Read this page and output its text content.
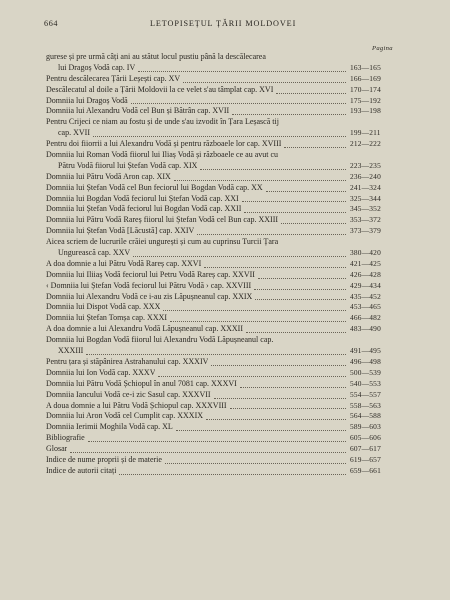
664	LETOPISEȚUL ȚĂRII MOLDOVEI
Pagina
gurese și pre urmă câți ani au stătut locul pustiu până la descălecarea
lui Dragoș Vodă cap. IV	163—165
Pentru descălecarea Țării Leșești cap. XV	166—169
Descălecatul al doile a Țării Moldovii la ce velet s'au tâmplat cap. XVI	170—174
Domniia lui Dragoș Vodă	175—192
Domniia lui Alexandru Vodă cel Bun și Bătrân cap. XVII	193—198
Pentru Crijeci ce niam au fostu și de unde s'au izvodit în Țara Leșască tij
cap. XVII	199—211
Pentru doi fiiorrii a lui Alexandru Vodă și pentru războaele lor cap. XVIII	212—222
Domniia lui Roman Vodă fiiorul lui Iliaș Vodă și războaele ce au avut cu
Pătru Vodă fiiorul lui Ștefan Vodă cap. XIX	223—235
Domniia lui Pătru Vodă Aron cap. XIX	236—240
Domniia lui Ștefan Vodă cel Bun feciorul lui Bogdan Vodă cap. XX	241—324
Domniia lui Bogdan Vodă feciorul lui Ștefan Vodă cap. XXI	325—344
Domniia lui Ștefan Vodă feciorul lui Bogdan Vodă cap. XXII	345—352
Domniia lui Pătru Vodă Rareș fiiorul lui Ștefan Vodă cel Bun cap. XXIII	353—372
Domniia lui Ștefan Vodă [Lăcustă] cap. XXIV	373—379
Aicea scriem de lucrurile crăiei ungurești și cum au cuprinsu Turcii Țara
Ungurească cap. XXV	380—420
A doa domnie a lui Pătru Vodă Rareș cap. XXVI	421—425
Domniia lui Iliiaș Vodă feciorul lui Petru Vodă Rareș cap. XXVII	426—428
‹ Domniia lui Ștefan Vodă feciorul lui Pătru Vodă › cap. XXVIII	429—434
Domniia lui Alexandru Vodă ce i-au zis Lăpușneanul cap. XXIX	435—452
Domniia lui Dispot Vodă cap. XXX	453—465
Domniia lui Ștefan Tomșa cap. XXXI	466—482
A doa domnie a lui Alexandru Vodă Lăpușneanul cap. XXXII	483—490
Domniia lui Bogdan Vodă fiiorul lui Alexandru Vodă Lăpușneanul cap.
XXXIII	491—495
Pentru țara și stăpânirea Astrahanului cap. XXXIV	496—498
Domniia lui Ion Vodă cap. XXXV	500—539
Domniia lui Pătru Vodă Șchiopul în anul 7081 cap. XXXVI	540—553
Domniia Iancului Vodă ce-i zic Sasul cap. XXXVII	554—557
A doua domnie a lui Pătru Vodă Șchiopul cap. XXXVIII	558—563
Domniia lui Aron Vodă cel Cumplit cap. XXXIX	564—588
Domniia Ierimii Moghila Vodă cap. XL	589—603
Bibliografie	605—606
Glosar	607—617
Indice de nume proprii și de materie	619—657
Indice de autorii citați	659—661
